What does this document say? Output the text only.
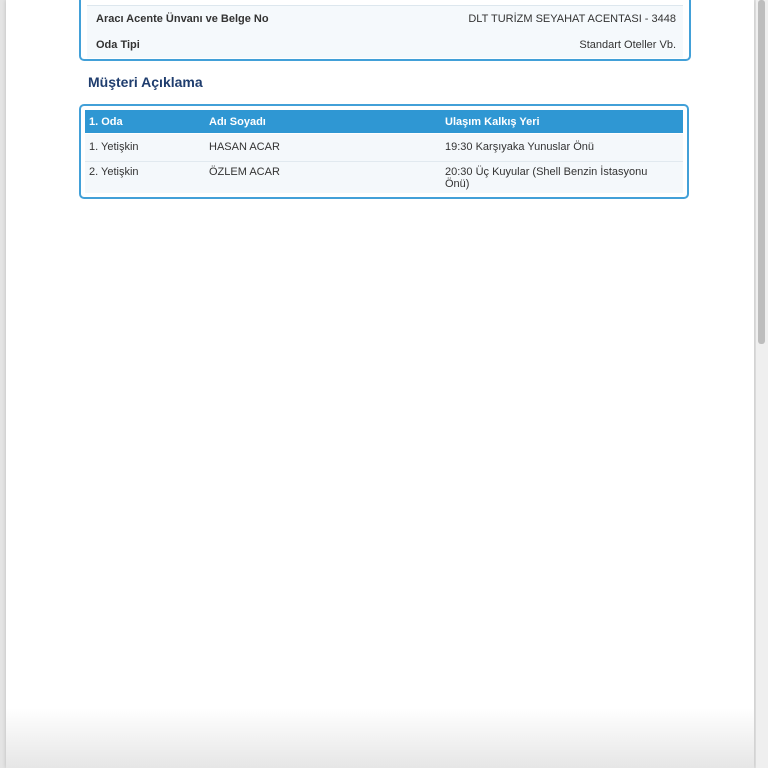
Aracı Acente Ünvanı ve Belge No	DLT TURİZM SEYAHAT ACENTASI - 3448
Oda Tipi	Standart Oteller Vb.
Müşteri Açıklama
1. Oda	Adı Soyadı	Ulaşım Kalkış Yeri
1. Yetişkin	HASAN ACAR	19:30 Karşıyaka Yunuslar Önü
2. Yetişkin	ÖZLEM ACAR	20:30 Üç Kuyular (Shell Benzin İstasyonu Önü)
